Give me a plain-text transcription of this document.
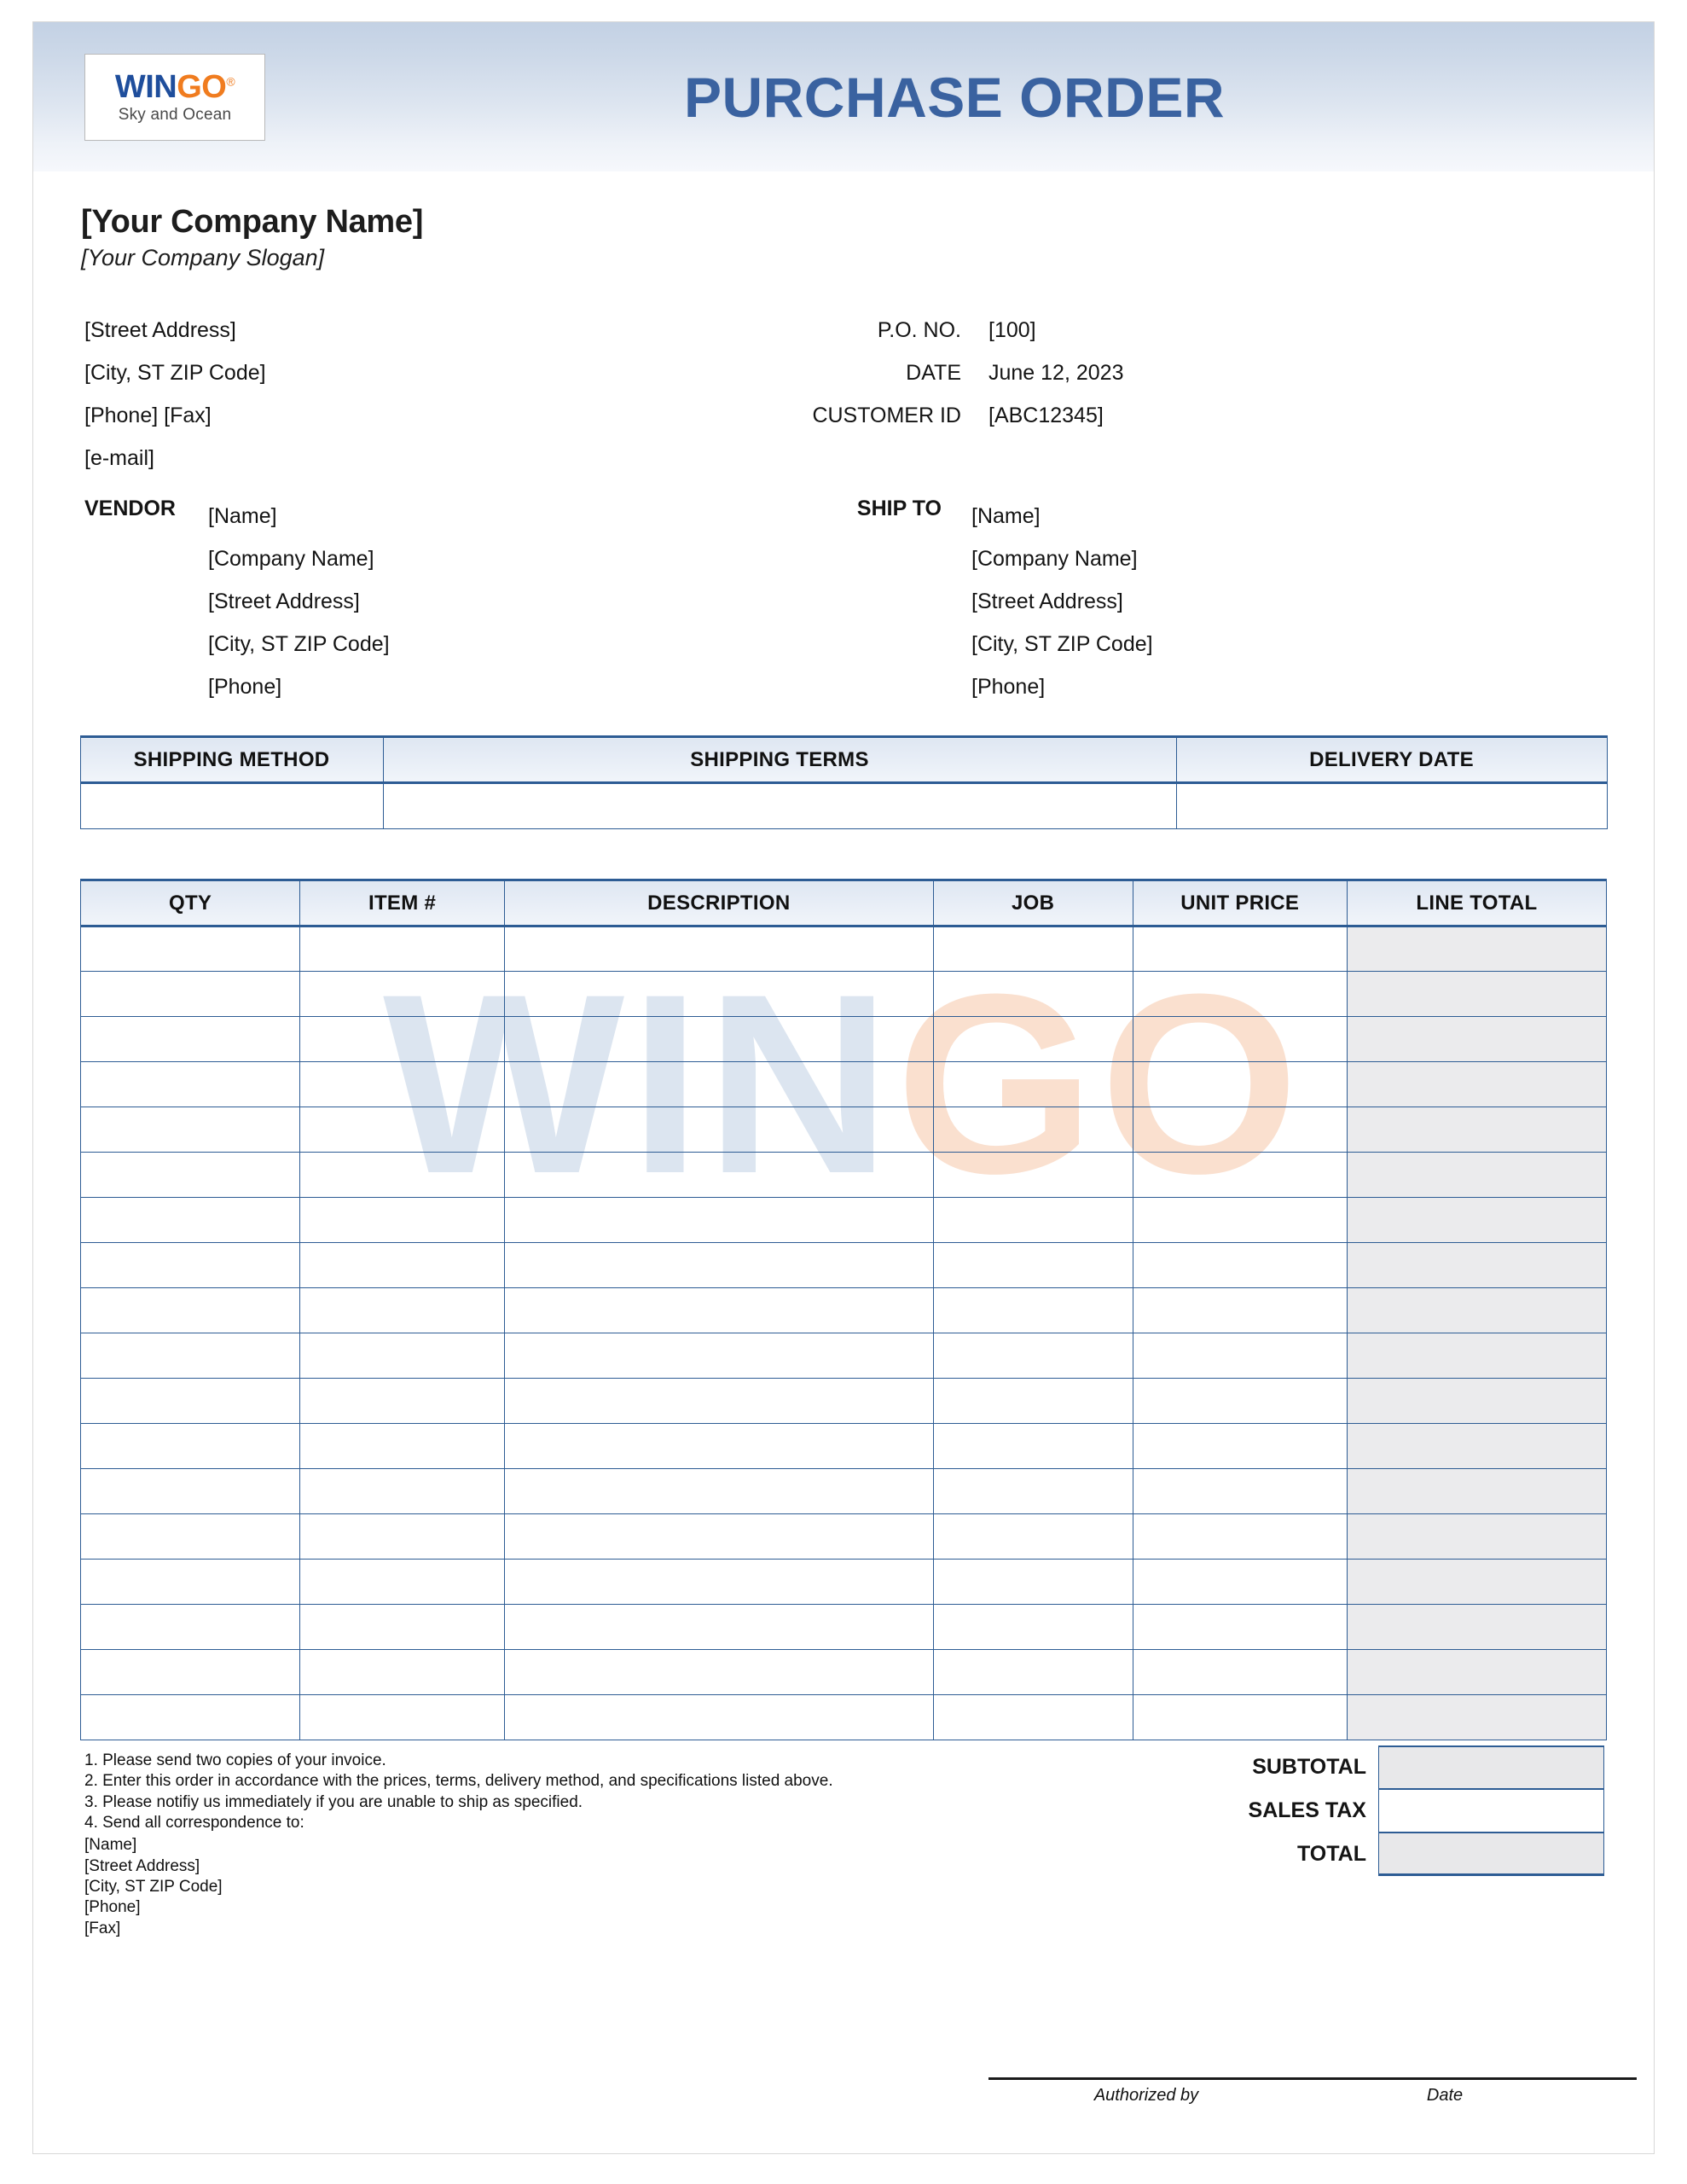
WINGO®
Sky and Ocean	PURCHASE ORDER
[Your Company Name]
[Your Company Slogan]
[Street Address]
[City, ST ZIP Code]
[Phone] [Fax]
[e-mail]
P.O. NO.	[100]
DATE	June 12, 2023
CUSTOMER ID	[ABC12345]
VENDOR	[Name]
[Company Name]
[Street Address]
[City, ST ZIP Code]
[Phone]
SHIP TO	[Name]
[Company Name]
[Street Address]
[City, ST ZIP Code]
[Phone]
SHIPPING METHOD	SHIPPING TERMS	DELIVERY DATE

WINGO
QTY	ITEM #	DESCRIPTION	JOB	UNIT PRICE	LINE TOTAL

1. Please send two copies of your invoice.

2. Enter this order in accordance with the prices, terms, delivery method, and specifications listed above.

3. Please notifiy us immediately if you are unable to ship as specified.

4. Send all correspondence to:

[Name]

[Street Address]

[City, ST ZIP Code]

[Phone]

[Fax]

SUBTOTAL
SALES TAX
TOTAL
Authorized by	Date
